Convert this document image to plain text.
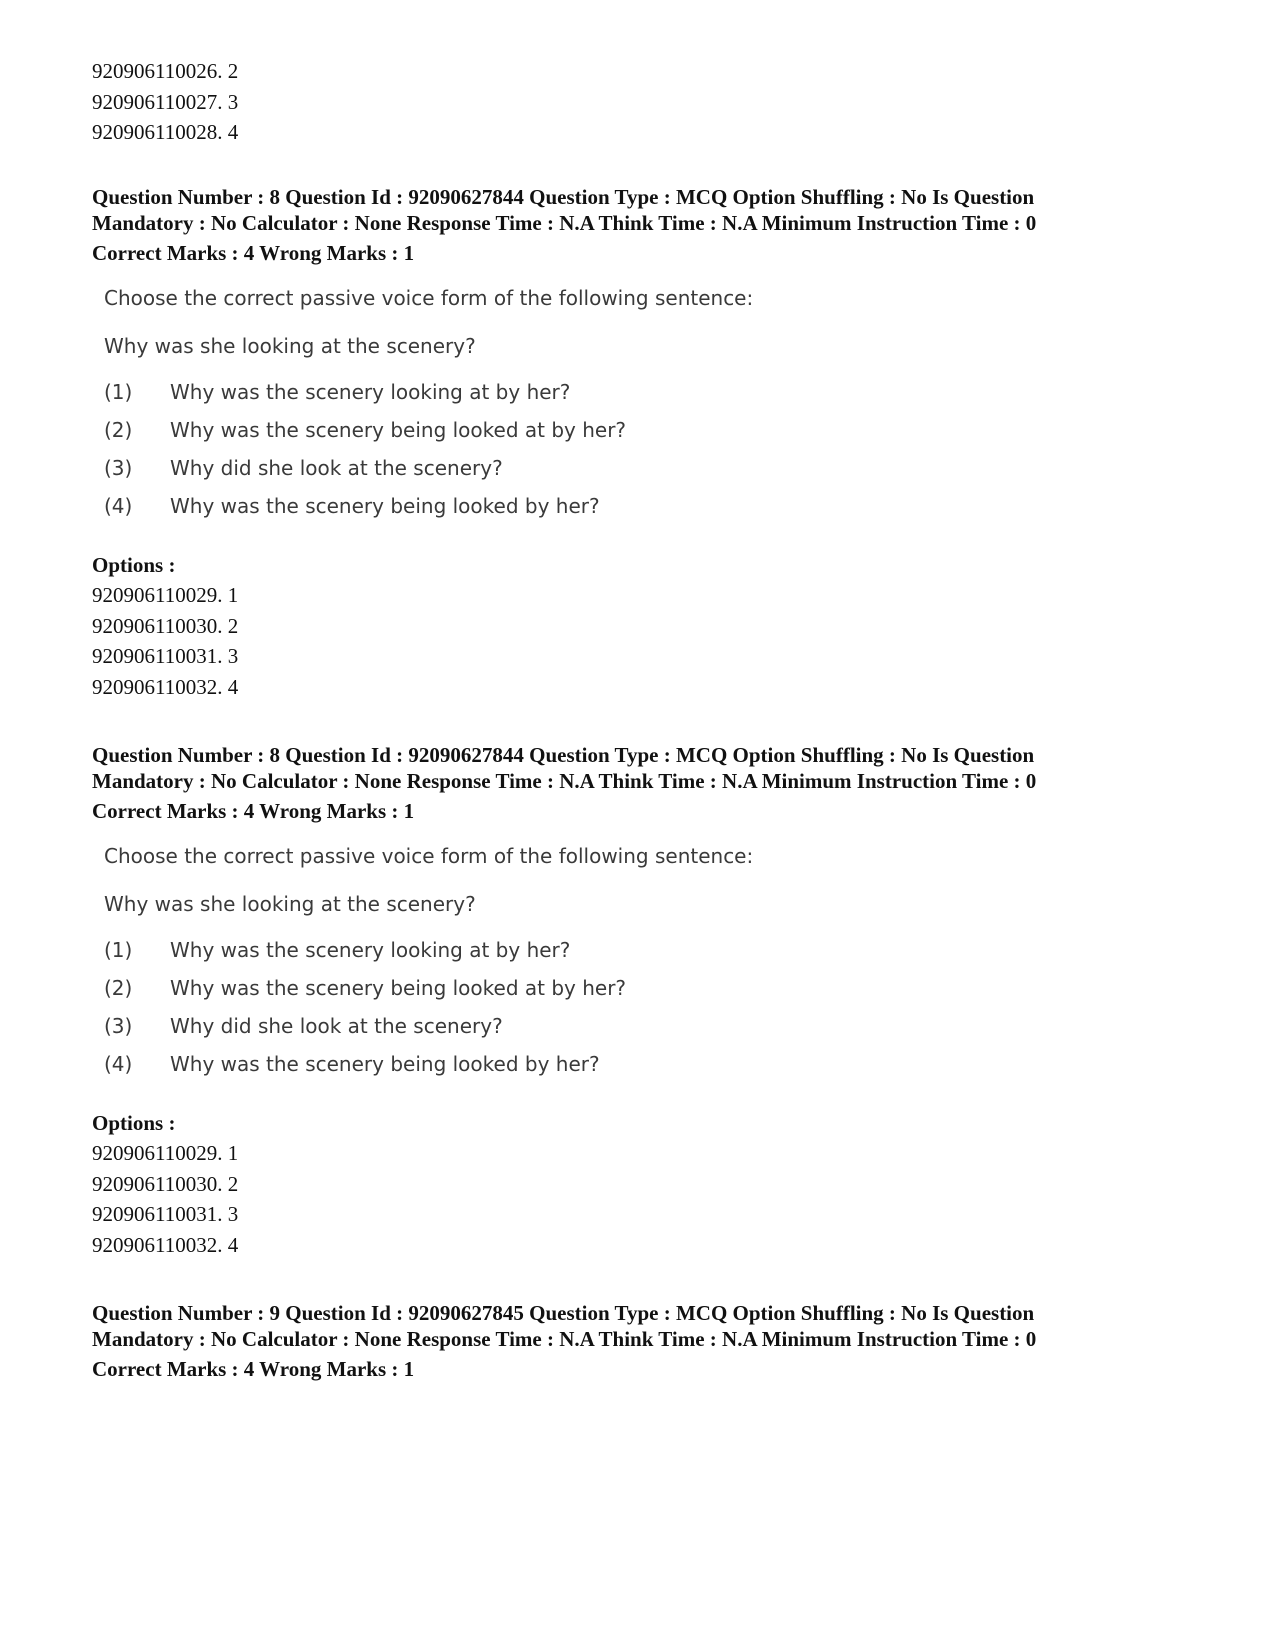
920906110026. 2
920906110027. 3
920906110028. 4
Question Number : 8 Question Id : 92090627844 Question Type : MCQ Option Shuffling : No Is Question
Mandatory : No Calculator : None Response Time : N.A Think Time : N.A Minimum Instruction Time : 0
Correct Marks : 4 Wrong Marks : 1
Choose the correct passive voice form of the following sentence:
Why was she looking at the scenery?
(1)	Why was the scenery looking at by her?
(2)	Why was the scenery being looked at by her?
(3)	Why did she look at the scenery?
(4)	Why was the scenery being looked by her?
Options :
920906110029. 1
920906110030. 2
920906110031. 3
920906110032. 4
Question Number : 8 Question Id : 92090627844 Question Type : MCQ Option Shuffling : No Is Question
Mandatory : No Calculator : None Response Time : N.A Think Time : N.A Minimum Instruction Time : 0
Correct Marks : 4 Wrong Marks : 1
Choose the correct passive voice form of the following sentence:
Why was she looking at the scenery?
(1)	Why was the scenery looking at by her?
(2)	Why was the scenery being looked at by her?
(3)	Why did she look at the scenery?
(4)	Why was the scenery being looked by her?
Options :
920906110029. 1
920906110030. 2
920906110031. 3
920906110032. 4
Question Number : 9 Question Id : 92090627845 Question Type : MCQ Option Shuffling : No Is Question
Mandatory : No Calculator : None Response Time : N.A Think Time : N.A Minimum Instruction Time : 0
Correct Marks : 4 Wrong Marks : 1
